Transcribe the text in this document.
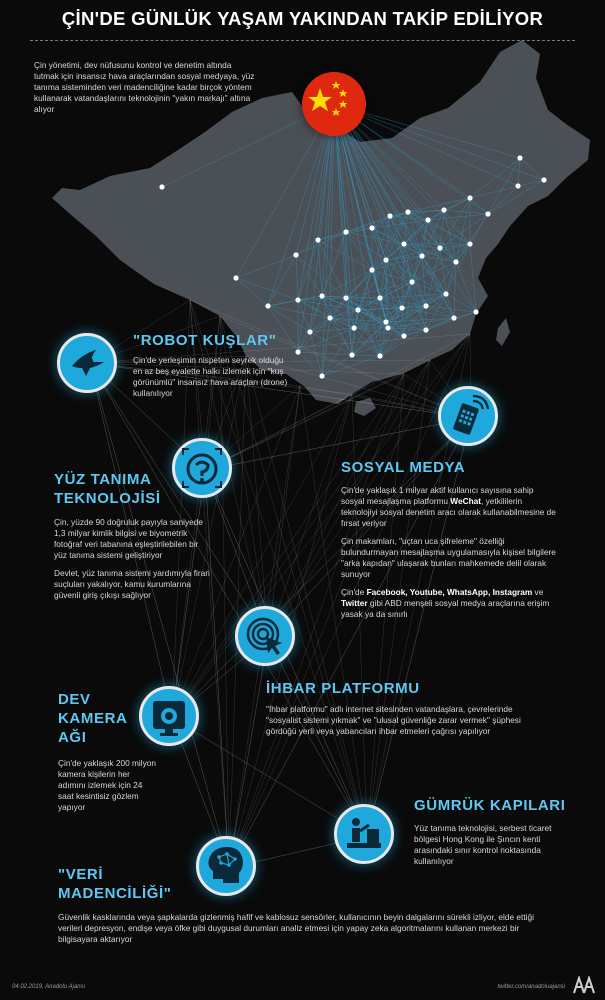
ÇİN'DE GÜNLÜK YAŞAM YAKINDAN TAKİP EDİLİYOR
Çin yönetimi, dev nüfusunu kontrol ve denetim altında tutmak için insansız hava araçlarından sosyal medyaya, yüz tanıma sisteminden veri madenciliğine kadar birçok yöntem kullanarak vatandaşlarını teknolojinin "yakın markajı" altına alıyor
"ROBOT KUŞLAR"
Çin'de yerleşimin nispeten seyrek olduğu en az beş eyalette halkı izlemek için "kuş görünümlü" insansız hava araçları (drone) kullanılıyor
YÜZ TANIMA
TEKNOLOJİSİ
Çin, yüzde 90 doğruluk payıyla saniyede 1,3 milyar kimlik bilgisi ve biyometrik fotoğraf veri tabanına eşleştirilebilen bir yüz tanıma sistemi geliştiriyor
Devlet, yüz tanıma sistemi yardımıyla firari suçluları yakalıyor, kamu kurumlarına güvenli giriş çıkışı sağlıyor
SOSYAL MEDYA
Çin'de yaklaşık 1 milyar aktif kullanıcı sayısına sahip sosyal mesajlaşma platformu WeChat, yetkililerin teknolojiyi sosyal denetim aracı olarak kullanabilmesine de fırsat veriyor
Çin makamları, "uçtan uca şifreleme" özelliği bulundurmayan mesajlaşma uygulamasıyla kişisel bilgilere "arka kapıdan" ulaşarak bunları mahkemede delil olarak sunuyor
Çin'de Facebook, Youtube, WhatsApp, Instagram ve Twitter gibi ABD menşeli sosyal medya araçlarına erişim yasak ya da sınırlı
İHBAR PLATFORMU
"İhbar platformu" adlı internet sitesinden vatandaşlara, çevrelerinde "sosyalist sistemi yıkmak" ve "ulusal güvenliğe zarar vermek" şüphesi gördüğü yerli veya yabancıları ihbar etmeleri çağrısı yapılıyor
DEV
KAMERA
AĞI
Çin'de yaklaşık 200 milyon kamera kişilerin her adımını izlemek için 24 saat kesintisiz gözlem yapıyor	GÜMRÜK KAPILARI
Yüz tanıma teknolojisi, serbest ticaret bölgesi Hong Kong ile Şıncın kenti arasındaki sınır kontrol noktasında kullanılıyor
"VERİ
MADENCİLİĞİ"
Güvenlik kasklarında veya şapkalarda gizlenmiş hafif ve kablosuz sensörler, kullanıcının beyin dalgalarını sürekli izliyor, elde ettiği verileri depresyon, endişe veya öfke gibi duygusal durumları analiz etmesi için yapay zeka algoritmalarını kullanan merkezi bir bilgisayara aktarıyor
04.02.2019, Anadolu Ajansı	twitter.com/anadoluajansi
